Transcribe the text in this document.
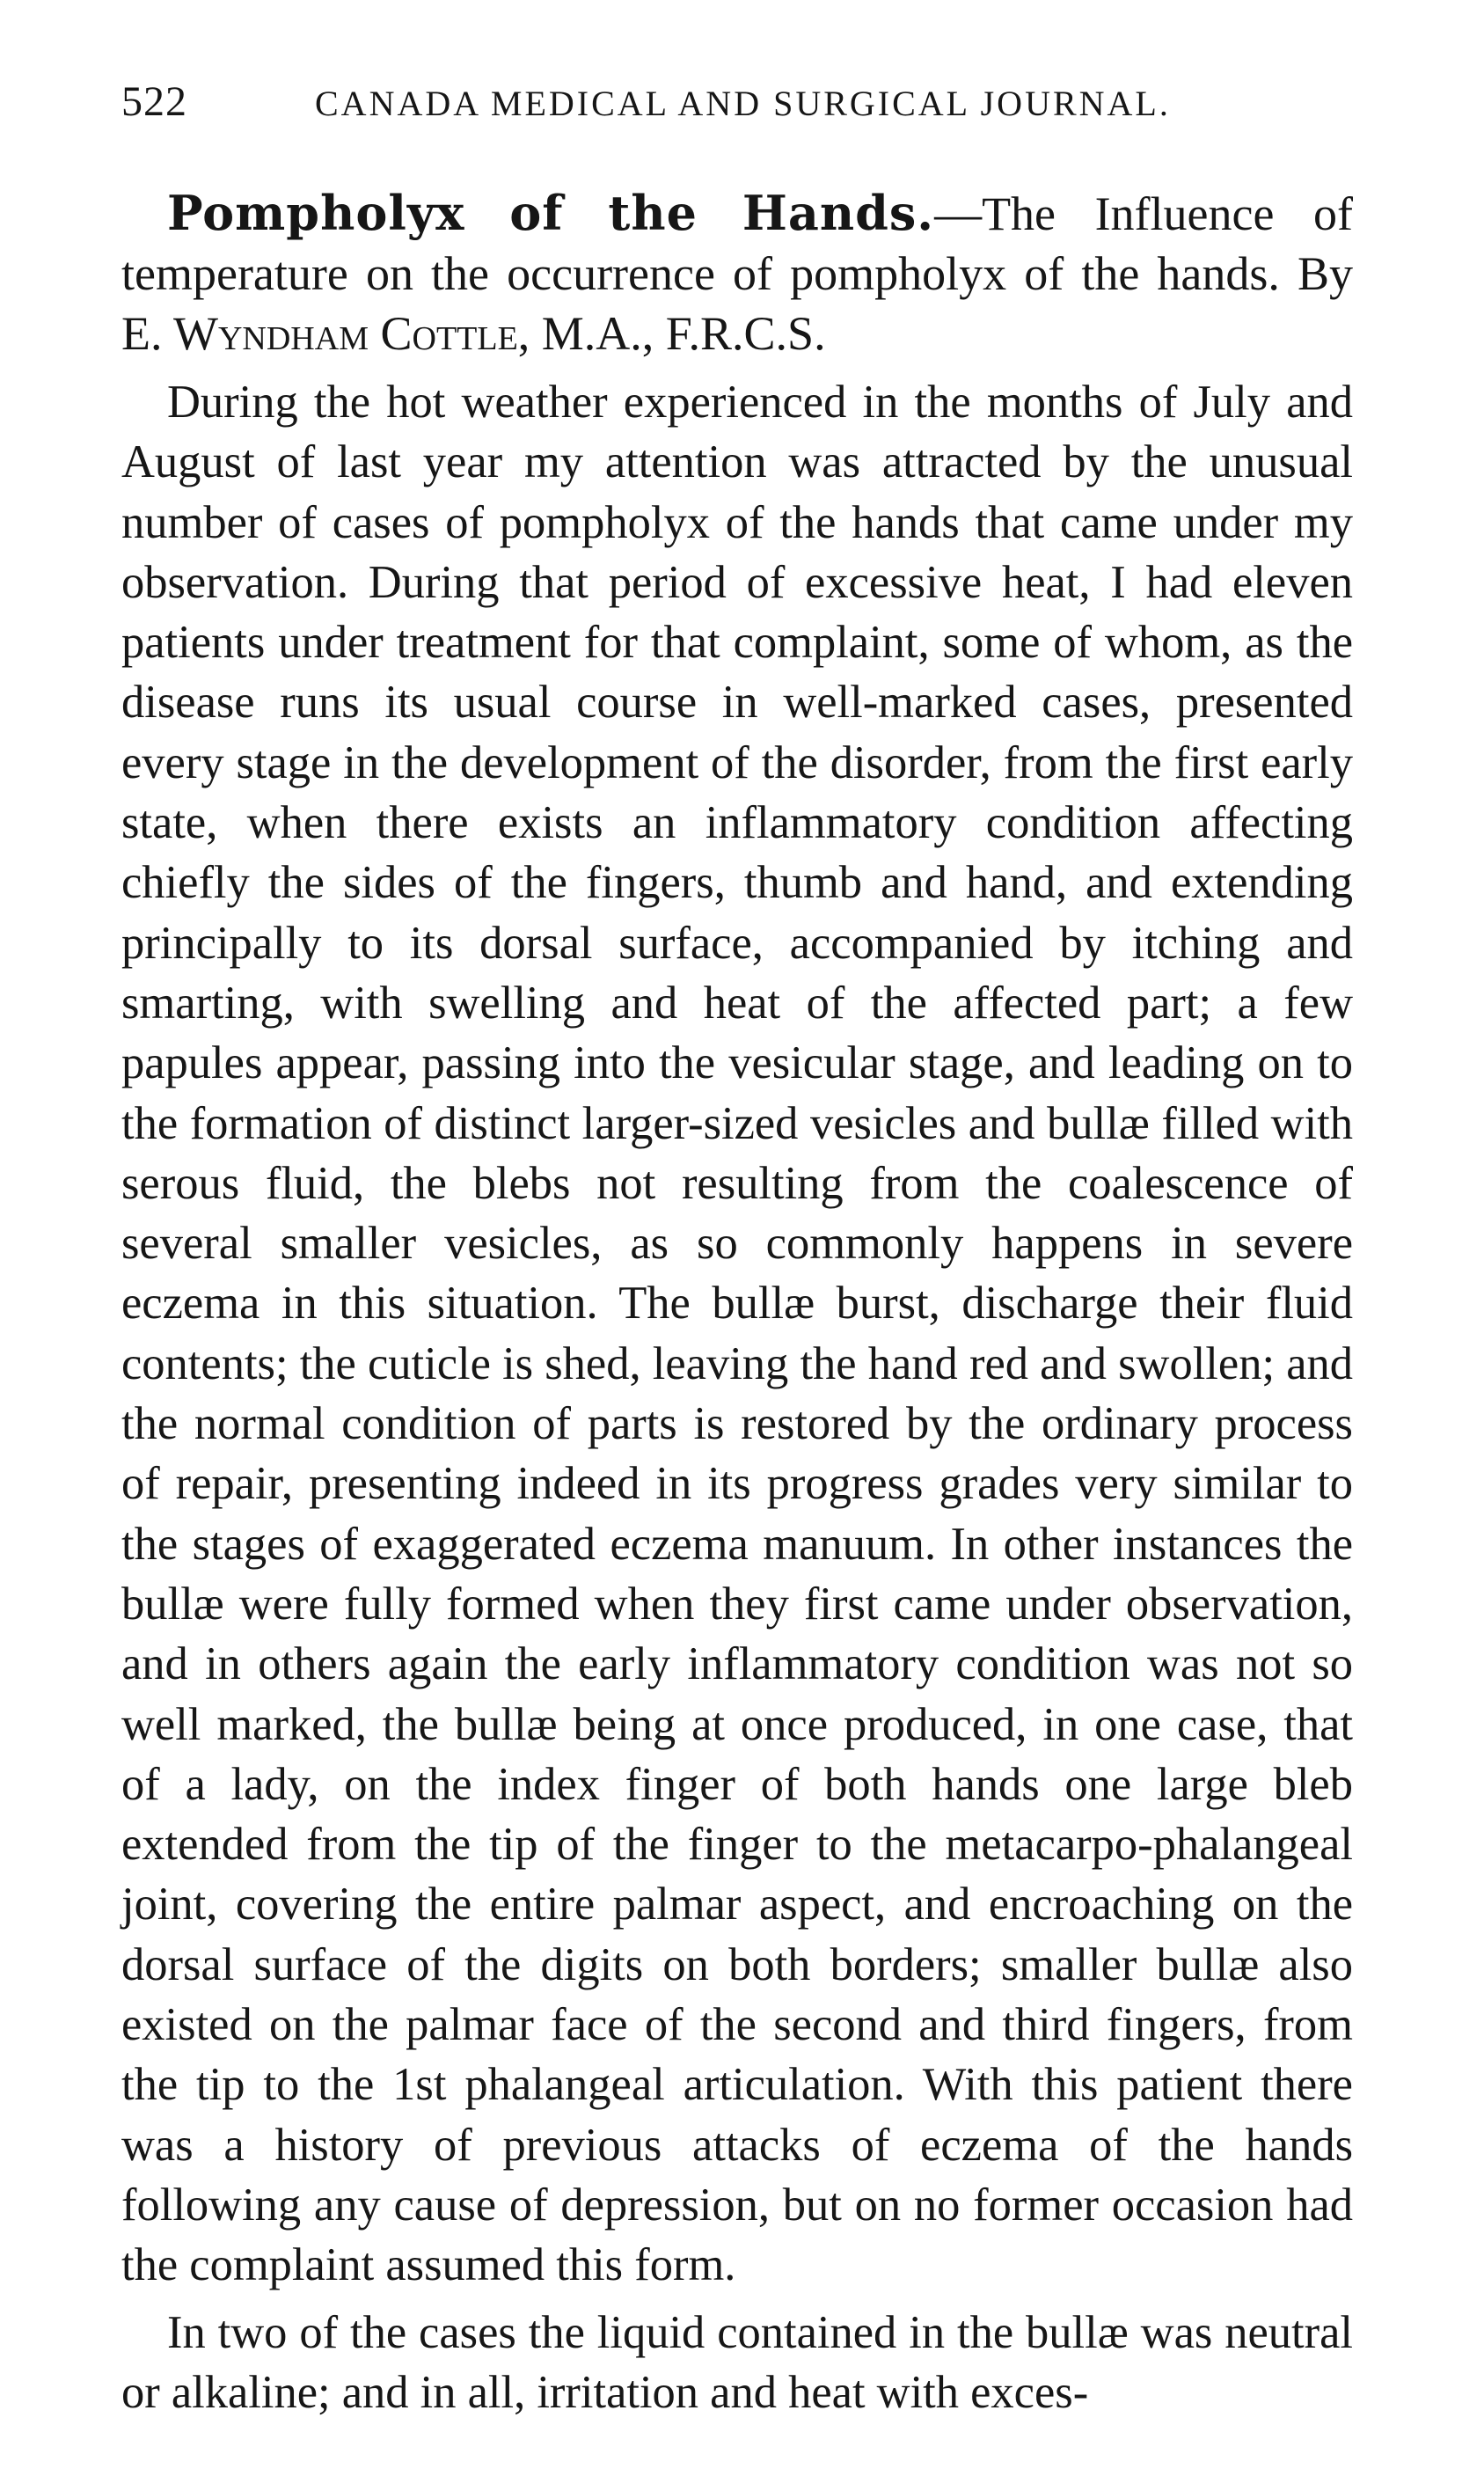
522	CANADA MEDICAL AND SURGICAL JOURNAL.
Pompholyx of the Hands.—The Influence of temperature on the occurrence of pompholyx of the hands. By E. Wyndham Cottle, M.A., F.R.C.S.

During the hot weather experienced in the months of July and August of last year my attention was attracted by the unusual number of cases of pompholyx of the hands that came under my observation. During that period of excessive heat, I had eleven patients under treatment for that complaint, some of whom, as the disease runs its usual course in well-marked cases, presented every stage in the development of the disorder, from the first early state, when there exists an inflammatory condition affecting chiefly the sides of the fingers, thumb and hand, and extending principally to its dorsal surface, accompanied by itching and smarting, with swelling and heat of the affected part; a few papules appear, passing into the vesicular stage, and leading on to the formation of distinct larger-sized vesicles and bullæ filled with serous fluid, the blebs not resulting from the coalescence of several smaller vesicles, as so commonly happens in severe eczema in this situation. The bullæ burst, discharge their fluid contents; the cuticle is shed, leaving the hand red and swollen; and the normal condition of parts is restored by the ordinary process of repair, presenting indeed in its progress grades very similar to the stages of exaggerated eczema manuum. In other instances the bullæ were fully formed when they first came under observation, and in others again the early inflammatory condition was not so well marked, the bullæ being at once produced, in one case, that of a lady, on the index finger of both hands one large bleb extended from the tip of the finger to the metacarpo-phalangeal joint, covering the entire palmar aspect, and encroaching on the dorsal surface of the digits on both borders; smaller bullæ also existed on the palmar face of the second and third fingers, from the tip to the 1st phalangeal articulation. With this patient there was a history of previous attacks of eczema of the hands following any cause of depression, but on no former occasion had the complaint assumed this form.

In two of the cases the liquid contained in the bullæ was neutral or alkaline; and in all, irritation and heat with exces-
